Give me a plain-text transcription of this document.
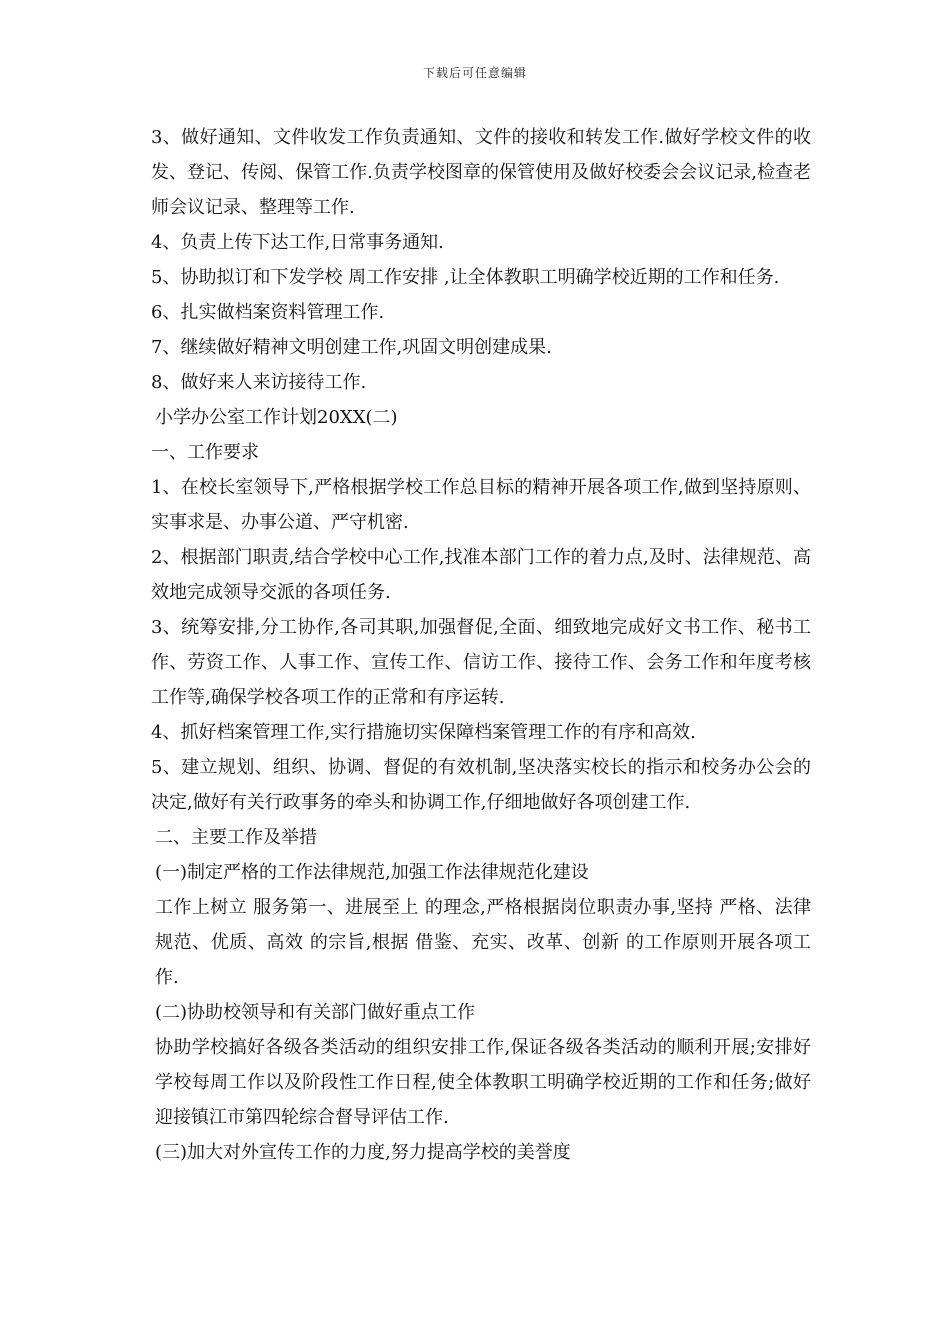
下载后可任意编辑

3、做好通知、文件收发工作负责通知、文件的接收和转发工作.做好学校文件的收发、登记、传阅、保管工作.负责学校图章的保管使用及做好校委会会议记录,检查老师会议记录、整理等工作.

4、负责上传下达工作,日常事务通知.

5、协助拟订和下发学校 周工作安排 ,让全体教职工明确学校近期的工作和任务.

6、扎实做档案资料管理工作.

7、继续做好精神文明创建工作,巩固文明创建成果.

8、做好来人来访接待工作.

小学办公室工作计划20XX(二)

一、工作要求

1、在校长室领导下,严格根据学校工作总目标的精神开展各项工作,做到坚持原则、实事求是、办事公道、严守机密.

2、根据部门职责,结合学校中心工作,找准本部门工作的着力点,及时、法律规范、高效地完成领导交派的各项任务.

3、统筹安排,分工协作,各司其职,加强督促,全面、细致地完成好文书工作、秘书工作、劳资工作、人事工作、宣传工作、信访工作、接待工作、会务工作和年度考核工作等,确保学校各项工作的正常和有序运转.

4、抓好档案管理工作,实行措施切实保障档案管理工作的有序和高效.

5、建立规划、组织、协调、督促的有效机制,坚决落实校长的指示和校务办公会的决定,做好有关行政事务的牵头和协调工作,仔细地做好各项创建工作.

二、主要工作及举措

(一)制定严格的工作法律规范,加强工作法律规范化建设

工作上树立 服务第一、进展至上 的理念,严格根据岗位职责办事,坚持 严格、法律规范、优质、高效 的宗旨,根据 借鉴、充实、改革、创新 的工作原则开展各项工作.

(二)协助校领导和有关部门做好重点工作

协助学校搞好各级各类活动的组织安排工作,保证各级各类活动的顺利开展;安排好学校每周工作以及阶段性工作日程,使全体教职工明确学校近期的工作和任务;做好迎接镇江市第四轮综合督导评估工作.

(三)加大对外宣传工作的力度,努力提高学校的美誉度
